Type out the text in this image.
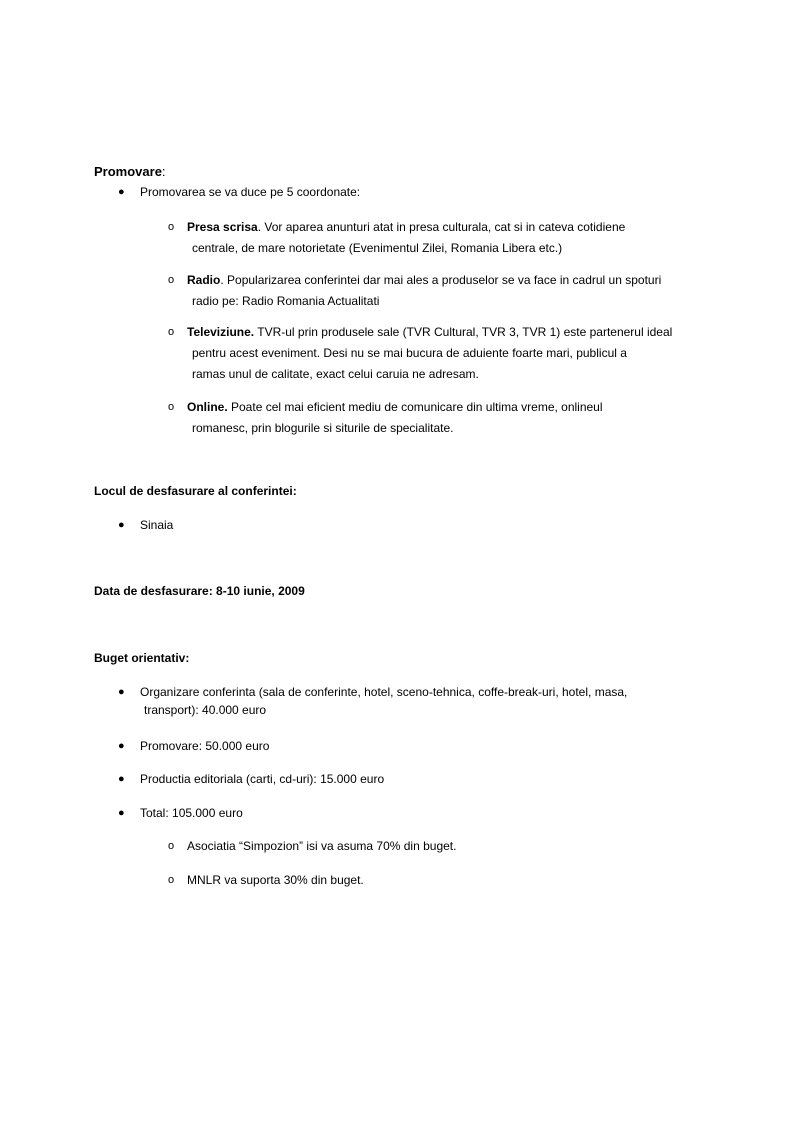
Promovare:
● Promovarea se va duce pe 5 coordonate:
o Presa scrisa. Vor aparea anunturi atat in presa culturala, cat si in cateva cotidiene
centrale, de mare notorietate (Evenimentul Zilei, Romania Libera etc.)
o Radio. Popularizarea conferintei dar mai ales a produselor se va face in cadrul un spoturi
radio pe: Radio Romania Actualitati
o Televiziune. TVR-ul prin produsele sale (TVR Cultural, TVR 3, TVR 1) este partenerul ideal
pentru acest eveniment. Desi nu se mai bucura de aduiente foarte mari, publicul a
ramas unul de calitate, exact celui caruia ne adresam.
o Online. Poate cel mai eficient mediu de comunicare din ultima vreme, onlineul
romanesc, prin blogurile si siturile de specialitate.
Locul de desfasurare al conferintei:
● Sinaia
Data de desfasurare: 8-10 iunie, 2009
Buget orientativ:
● Organizare conferinta (sala de conferinte, hotel, sceno-tehnica, coffe-break-uri, hotel, masa,
transport): 40.000 euro
● Promovare: 50.000 euro
● Productia editoriala (carti, cd-uri): 15.000 euro
● Total: 105.000 euro
o Asociatia “Simpozion” isi va asuma 70% din buget.
o MNLR va suporta 30% din buget.
